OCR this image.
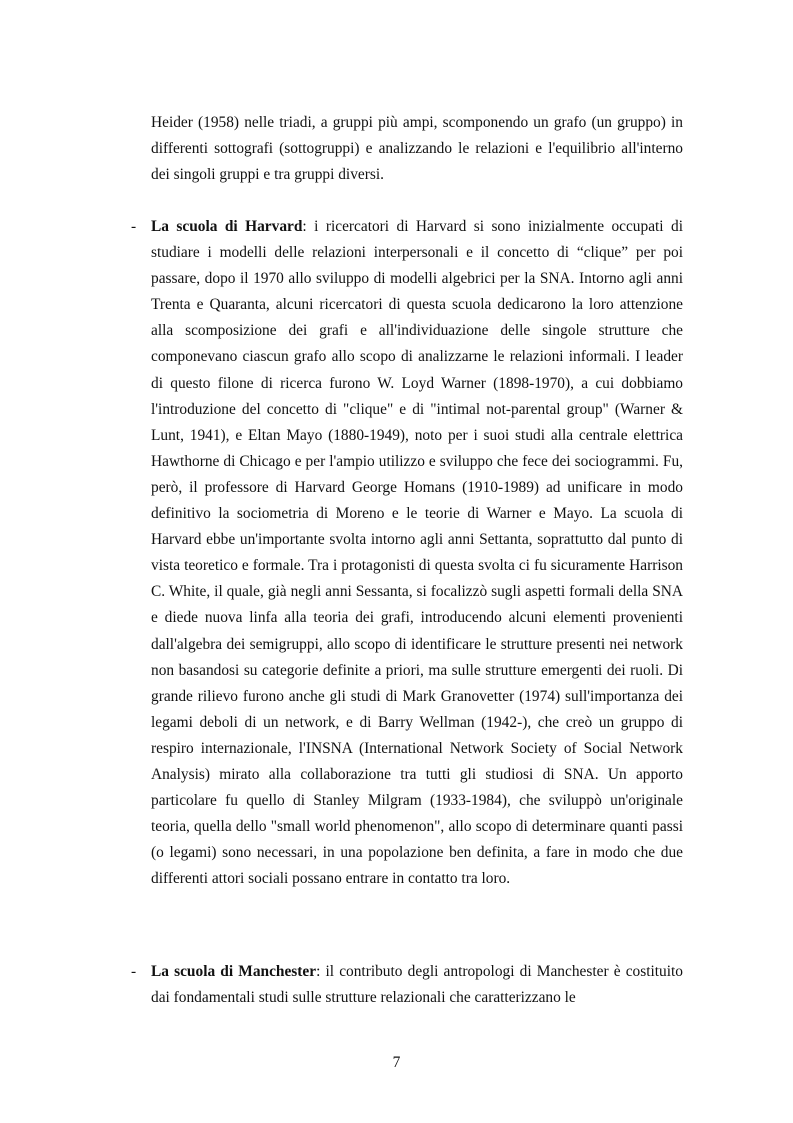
Heider (1958) nelle triadi, a gruppi più ampi, scomponendo un grafo (un gruppo) in differenti sottografi (sottogruppi) e analizzando le relazioni e l'equilibrio all'interno dei singoli gruppi e tra gruppi diversi.

- La scuola di Harvard: i ricercatori di Harvard si sono inizialmente occupati di studiare i modelli delle relazioni interpersonali e il concetto di “clique” per poi passare, dopo il 1970 allo sviluppo di modelli algebrici per la SNA. Intorno agli anni Trenta e Quaranta, alcuni ricercatori di questa scuola dedicarono la loro attenzione alla scomposizione dei grafi e all'individuazione delle singole strutture che componevano ciascun grafo allo scopo di analizzarne le relazioni informali. I leader di questo filone di ricerca furono W. Loyd Warner (1898-1970), a cui dobbiamo l'introduzione del concetto di "clique" e di "intimal not-parental group" (Warner & Lunt, 1941), e Eltan Mayo (1880-1949), noto per i suoi studi alla centrale elettrica Hawthorne di Chicago e per l'ampio utilizzo e sviluppo che fece dei sociogrammi. Fu, però, il professore di Harvard George Homans (1910-1989) ad unificare in modo definitivo la sociometria di Moreno e le teorie di Warner e Mayo. La scuola di Harvard ebbe un'importante svolta intorno agli anni Settanta, soprattutto dal punto di vista teoretico e formale. Tra i protagonisti di questa svolta ci fu sicuramente Harrison C. White, il quale, già negli anni Sessanta, si focalizzò sugli aspetti formali della SNA e diede nuova linfa alla teoria dei grafi, introducendo alcuni elementi provenienti dall'algebra dei semigruppi, allo scopo di identificare le strutture presenti nei network non basandosi su categorie definite a priori, ma sulle strutture emergenti dei ruoli. Di grande rilievo furono anche gli studi di Mark Granovetter (1974) sull'importanza dei legami deboli di un network, e di Barry Wellman (1942-), che creò un gruppo di respiro internazionale, l'INSNA (International Network Society of Social Network Analysis) mirato alla collaborazione tra tutti gli studiosi di SNA. Un apporto particolare fu quello di Stanley Milgram (1933-1984), che sviluppò un'originale teoria, quella dello "small world phenomenon", allo scopo di determinare quanti passi (o legami) sono necessari, in una popolazione ben definita, a fare in modo che due differenti attori sociali possano entrare in contatto tra loro.
- La scuola di Manchester: il contributo degli antropologi di Manchester è costituito dai fondamentali studi sulle strutture relazionali che caratterizzano le
7
